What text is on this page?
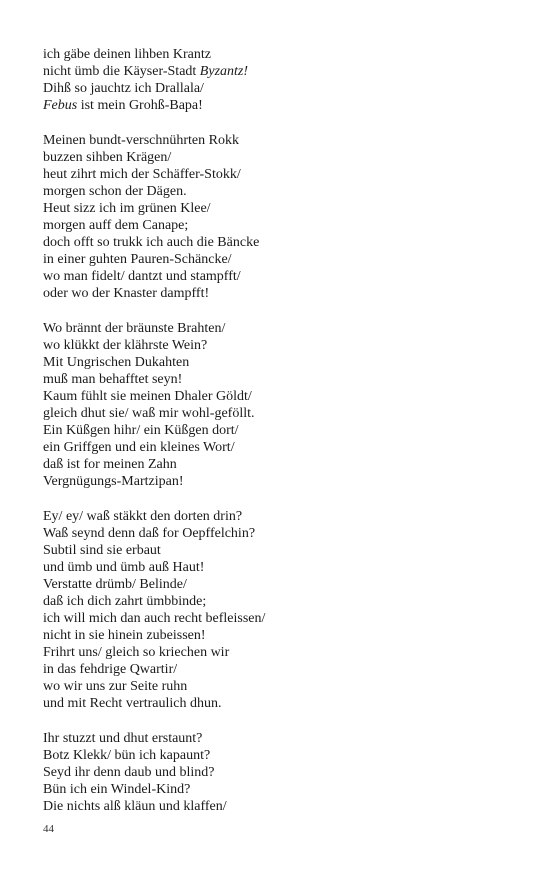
ich gäbe deinen lihben Krantz
nicht ümb die Käyser-Stadt Byzantz!
Dihß so jauchtz ich Drallala/
Febus ist mein Grohß-Bapa!
Meinen bundt-verschnührten Rokk
buzzen sihben Krägen/
heut zihrt mich der Schäffer-Stokk/
morgen schon der Dägen.
Heut sizz ich im grünen Klee/
morgen auff dem Canape;
doch offt so trukk ich auch die Bäncke
in einer guhten Pauren-Schäncke/
wo man fidelt/ dantzt und stampfft/
oder wo der Knaster dampfft!
Wo brännt der bräunste Brahten/
wo klükkt der klährste Wein?
Mit Ungrischen Dukahten
muß man behafftet seyn!
Kaum fühlt sie meinen Dhaler Göldt/
gleich dhut sie/ waß mir wohl-geföllt.
Ein Küßgen hihr/ ein Küßgen dort/
ein Griffgen und ein kleines Wort/
daß ist for meinen Zahn
Vergnügungs-Martzipan!
Ey/ ey/ waß stäkkt den dorten drin?
Waß seynd denn daß for Oepffelchin?
Subtil sind sie erbaut
und ümb und ümb auß Haut!
Verstatte drümb/ Belinde/
daß ich dich zahrt ümbbinde;
ich will mich dan auch recht befleissen/
nicht in sie hinein zubeissen!
Frihrt uns/ gleich so kriechen wir
in das fehdrige Qwartir/
wo wir uns zur Seite ruhn
und mit Recht vertraulich dhun.
Ihr stuzzt und dhut erstaunt?
Botz Klekk/ bün ich kapaunt?
Seyd ihr denn daub und blind?
Bün ich ein Windel-Kind?
Die nichts alß kläun und klaffen/
44
